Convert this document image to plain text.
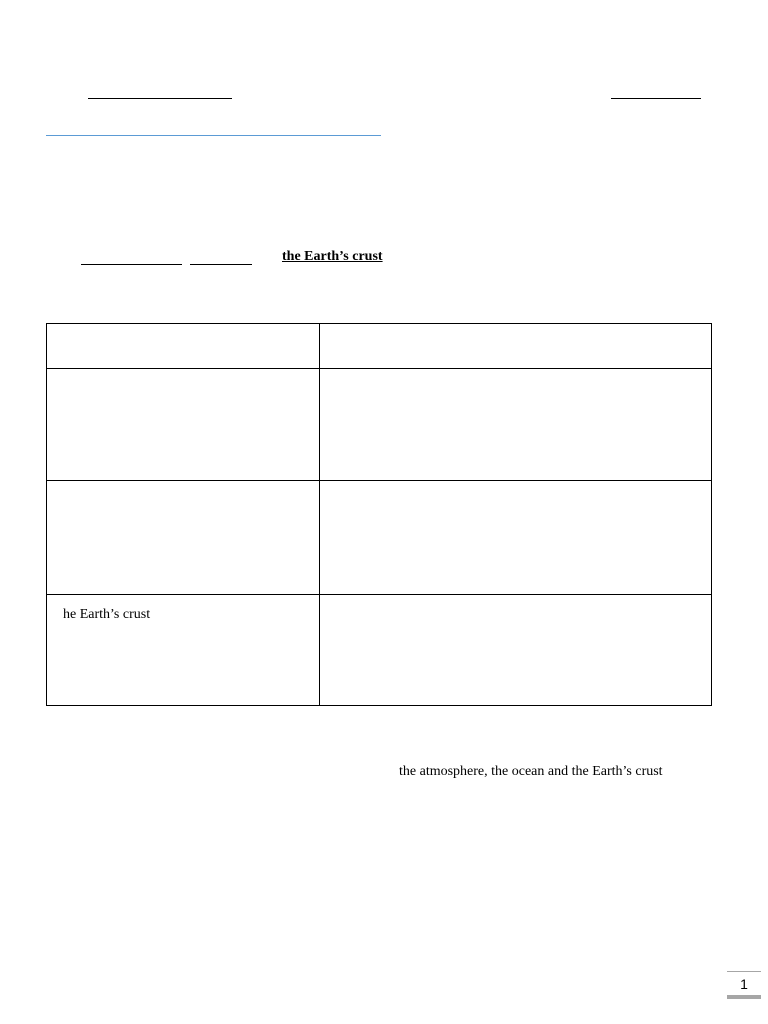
the Earth’s crust

he Earth’s crust	

the atmosphere, the ocean and the Earth’s crust
1
